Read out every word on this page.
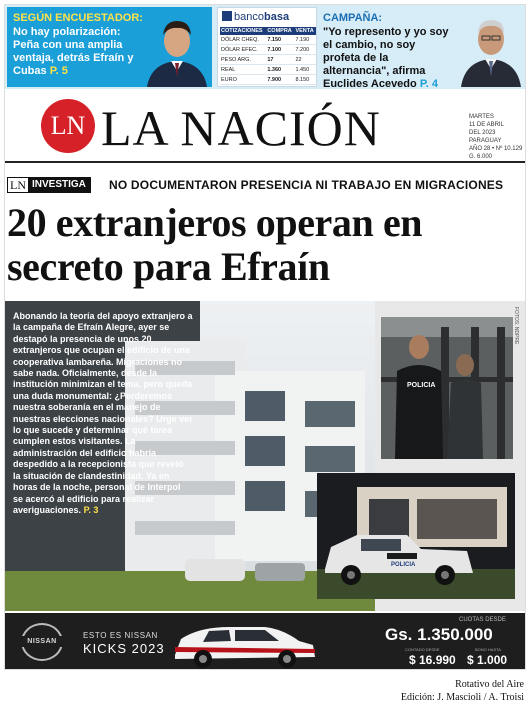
SEGÚN ENCUESTADOR:
No hay polarización: Peña con una amplia ventaja, detrás Efraín y Cubas P. 5
bancobasa
COTIZACIONES	COMPRA	VENTA
DÓLAR CHEQ.	7.150	7.190
DÓLAR EFEC.	7.100	7.200
PESO ARG.	17	22
REAL	1.360	1.450
EURO	7.900	8.150
CAMPAÑA:
"Yo represento y yo soy el cambio, no soy profeta de la alternancia", afirma Euclides Acevedo P. 4
LN LA NACIÓN	MARTES
11 DE ABRIL
DEL 2023
PARAGUAY
AÑO 28 • Nº 10.129
G. 6.000
LN INVESTIGA	NO DOCUMENTARON PRESENCIA NI TRABAJO EN MIGRACIONES
20 extranjeros operan en secreto para Efraín
Abonando la teoría del apoyo extranjero a la campaña de Efraín Alegre, ayer se destapó la presencia de unos 20 extranjeros que ocupan el edificio de una cooperativa lambareña. Migraciones no sabe nada. Oficialmente, desde la institución minimizan el tema, pero queda una duda monumental: ¿Perderemos nuestra soberanía en el manejo de nuestras elecciones nacionales? Urge ver lo que sucede y determinar qué tarea cumplen estos visitantes. La administración del edificio habría despedido a la recepcionista que reveló la situación de clandestinidad. Ya en horas de la noche, personal de Interpol se acercó al edificio para realizar averiguaciones. P. 3
FOTOS: NDPRE
POLICIA
POLICIA
NISSAN
ESTO ES NISSAN
KICKS 2023
CUOTAS DESDE
Gs. 1.350.000
CONTADO DESDE	BONO HASTA
$ 16.990 $ 1.000
Rotativo del Aire
Edición: J. Mascioli / A. Troisi
